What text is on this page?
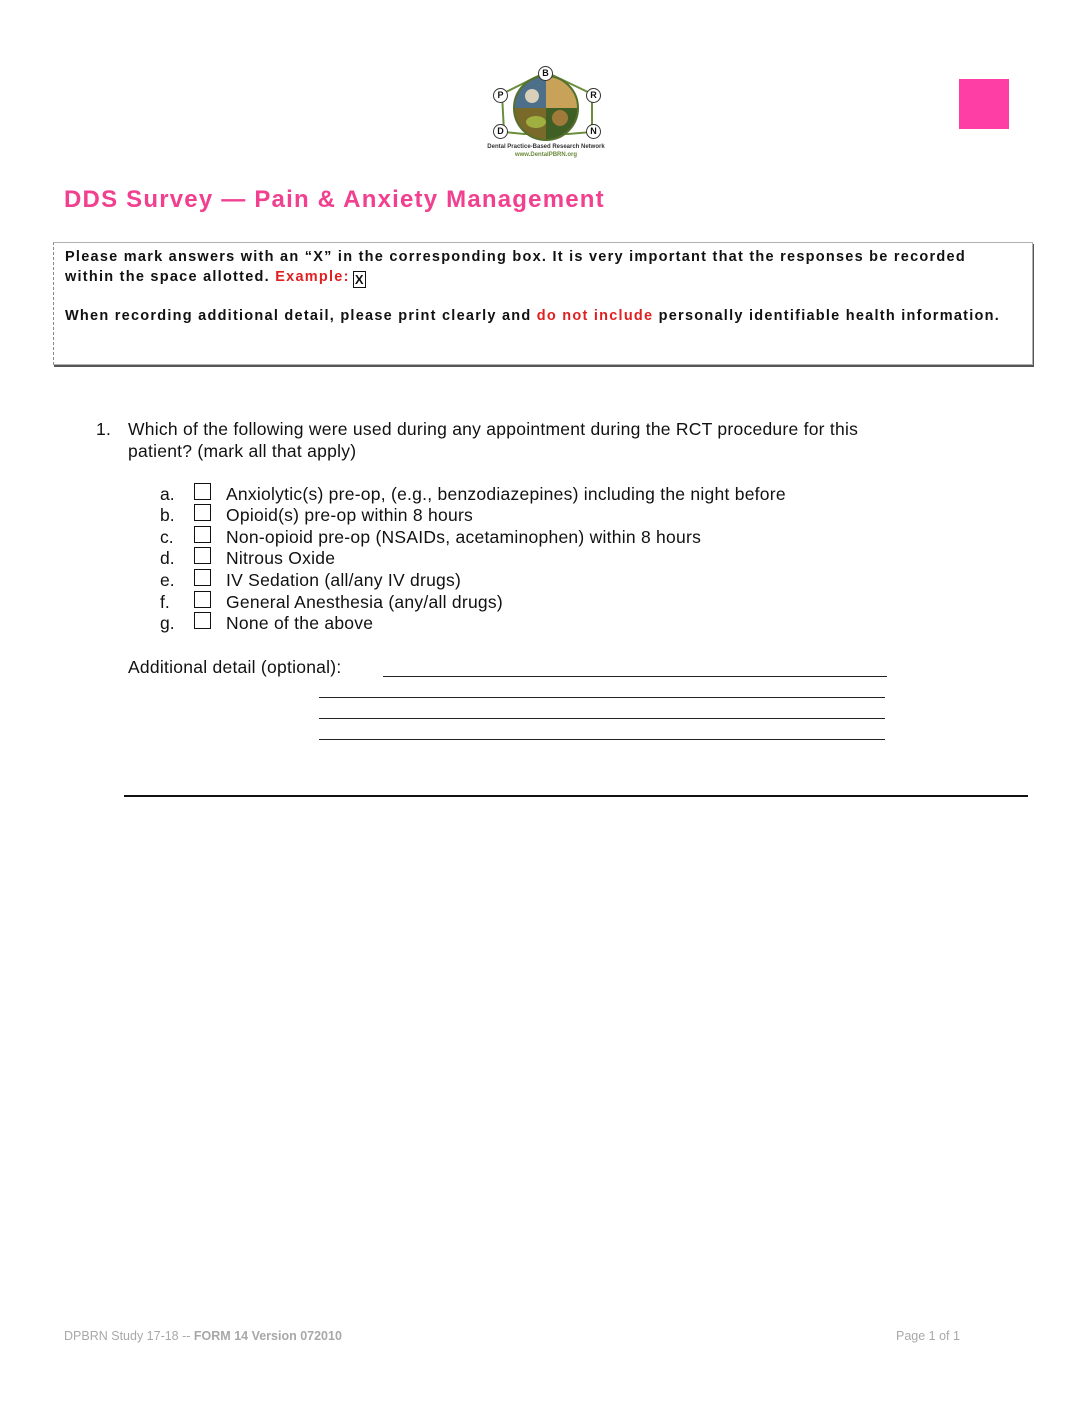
B
P	R
D	N
Dental Practice-Based Research Network
www.DentalPBRN.org
DDS Survey — Pain & Anxiety Management
Please mark answers with an “X” in the corresponding box. It is very important that the responses be recorded within the space allotted. Example: X
When recording additional detail, please print clearly and do not include personally identifiable health information.
1. Which of the following were used during any appointment during the RCT procedure for this
patient? (mark all that apply)
a.	Anxiolytic(s) pre-op, (e.g., benzodiazepines) including the night before
b.	Opioid(s) pre-op within 8 hours
c.	Non-opioid pre-op (NSAIDs, acetaminophen) within 8 hours
d.	Nitrous Oxide
e.	IV Sedation (all/any IV drugs)
f.	General Anesthesia (any/all drugs)
g.	None of the above
Additional detail (optional):
DPBRN Study 17-18 -- FORM 14 Version 072010	Page 1 of 1
